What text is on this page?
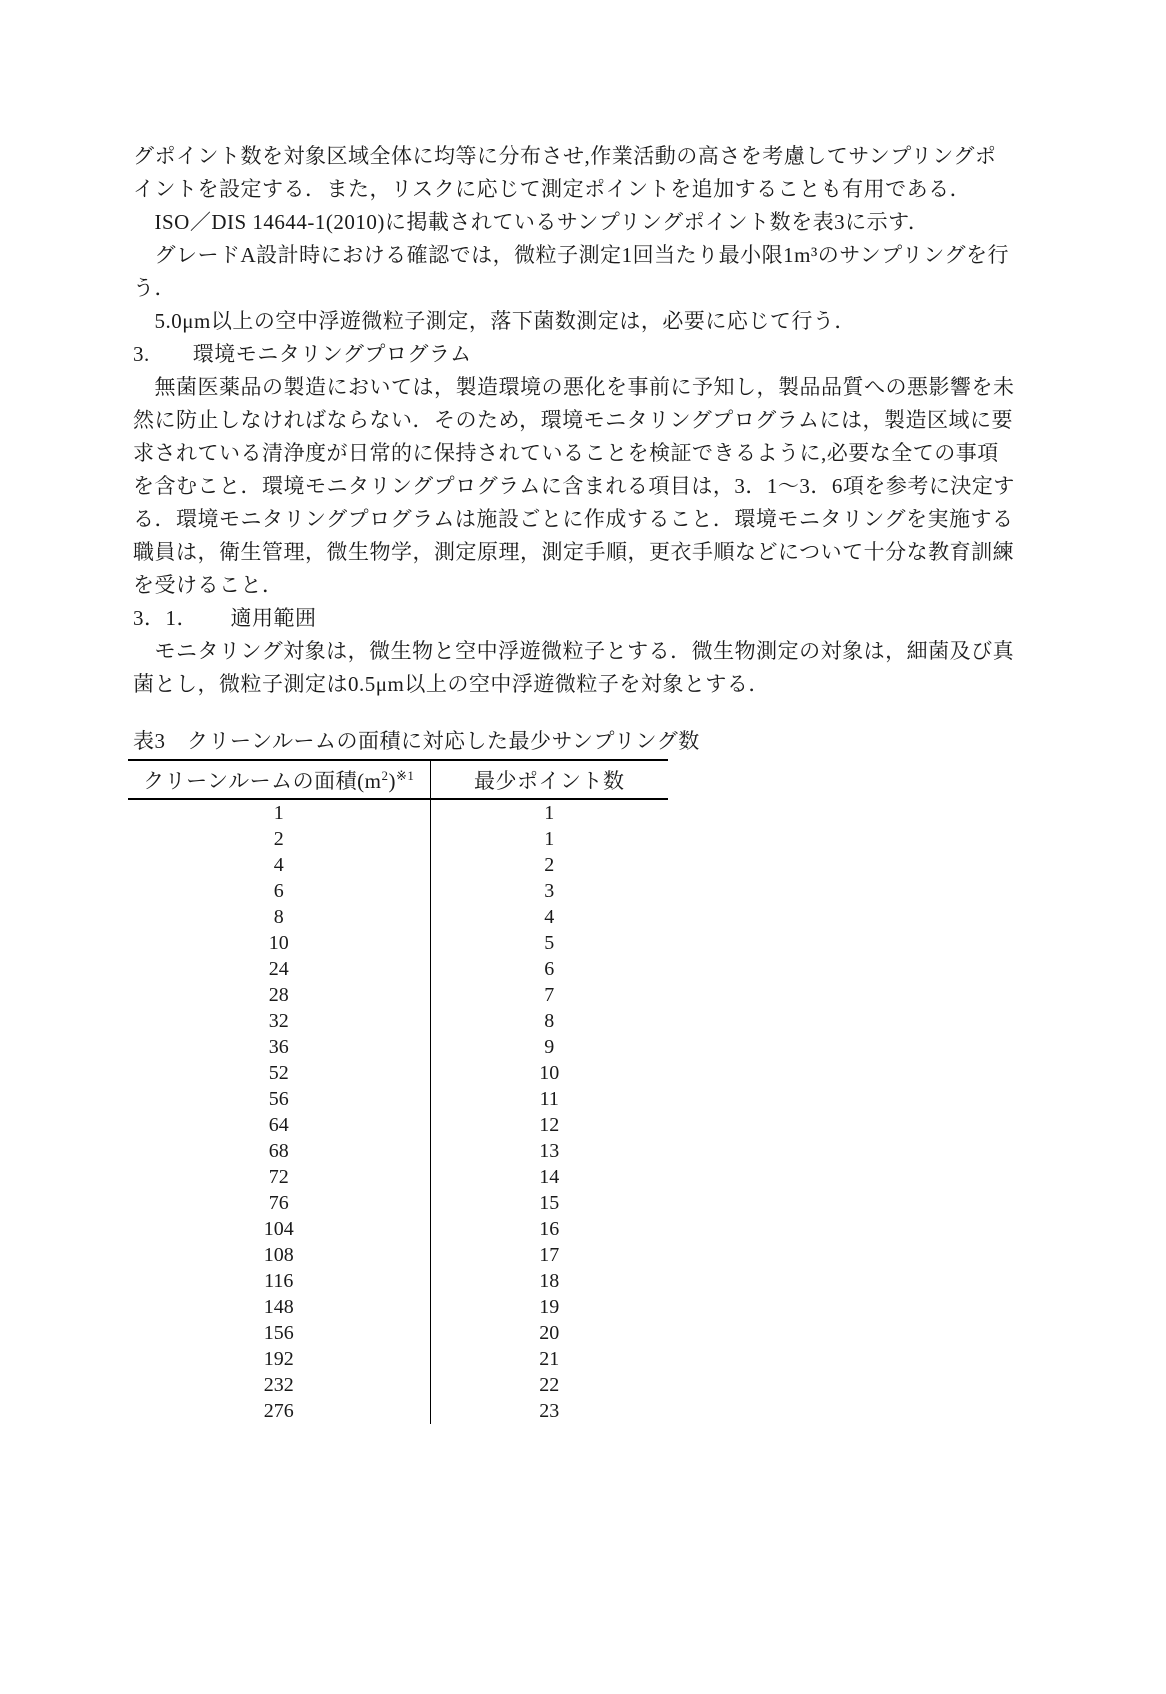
グポイント数を対象区域全体に均等に分布させ,作業活動の高さを考慮してサンプリングポ
イントを設定する．また，リスクに応じて測定ポイントを追加することも有用である．
　ISO／DIS 14644-1(2010)に掲載されているサンプリングポイント数を表3に示す．
　グレードA設計時における確認では，微粒子測定1回当たり最小限1m³のサンプリングを行
う．
　5.0μm以上の空中浮遊微粒子測定，落下菌数測定は，必要に応じて行う．
3.　　環境モニタリングプログラム
　無菌医薬品の製造においては，製造環境の悪化を事前に予知し，製品品質への悪影響を未
然に防止しなければならない．そのため，環境モニタリングプログラムには，製造区域に要
求されている清浄度が日常的に保持されていることを検証できるように,必要な全ての事項
を含むこと．環境モニタリングプログラムに含まれる項目は，3．1〜3．6項を参考に決定す
る．環境モニタリングプログラムは施設ごとに作成すること．環境モニタリングを実施する
職員は，衛生管理，微生物学，測定原理，測定手順，更衣手順などについて十分な教育訓練
を受けること．
3．1．　　適用範囲
　モニタリング対象は，微生物と空中浮遊微粒子とする．微生物測定の対象は，細菌及び真
菌とし，微粒子測定は0.5μm以上の空中浮遊微粒子を対象とする．
表3　クリーンルームの面積に対応した最少サンプリング数
クリーンルームの面積$(m^2)^{※1}$	最少ポイント数
1	1
2	1
4	2
6	3
8	4
10	5
24	6
28	7
32	8
36	9
52	10
56	11
64	12
68	13
72	14
76	15
104	16
108	17
116	18
148	19
156	20
192	21
232	22
276	23
